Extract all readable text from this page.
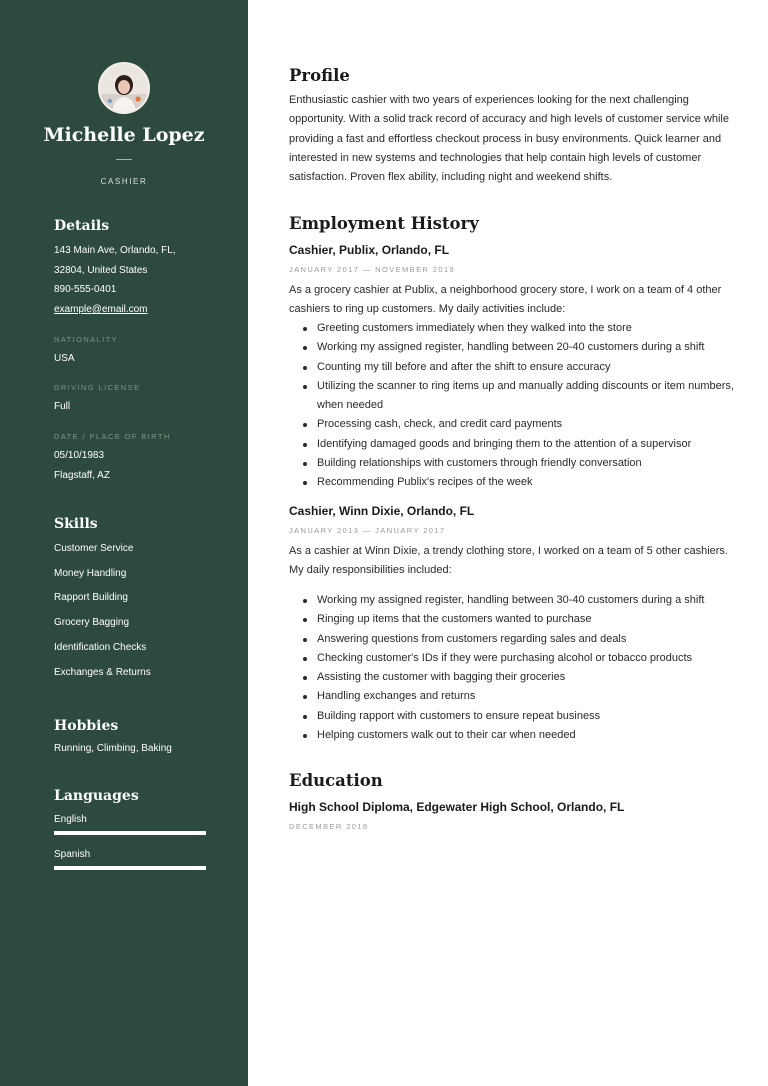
Michelle Lopez
CASHIER
Details
143 Main Ave, Orlando, FL,
32804, United States
890-555-0401
example@email.com
NATIONALITY
USA
DRIVING LICENSE
Full
DATE / PLACE OF BIRTH
05/10/1983
Flagstaff, AZ
Skills
Customer Service
Money Handling
Rapport Building
Grocery Bagging
Identification Checks
Exchanges & Returns
Hobbies
Running, Climbing, Baking
Languages
English
Spanish
Profile
Enthusiastic cashier with two years of experiences looking for the next challenging opportunity. With a solid track record of accuracy and high levels of customer service while providing a fast and effortless checkout process in busy environments. Quick learner and interested in new systems and technologies that help contain high levels of customer satisfaction. Proven flex ability, including night and weekend shifts.
Employment History
Cashier, Publix, Orlando, FL
JANUARY 2017 — NOVEMBER 2019
As a grocery cashier at Publix, a neighborhood grocery store, I work on a team of 4 other cashiers to ring up customers. My daily activities include:
Greeting customers immediately when they walked into the store
Working my assigned register, handling between 20-40 customers during a shift
Counting my till before and after the shift to ensure accuracy
Utilizing the scanner to ring items up and manually adding discounts or item numbers, when needed
Processing cash, check, and credit card payments
Identifying damaged goods and bringing them to the attention of a supervisor
Building relationships with customers through friendly conversation
Recommending Publix's recipes of the week
Cashier, Winn Dixie, Orlando, FL
JANUARY 2013 — JANUARY 2017
As a cashier at Winn Dixie, a trendy clothing store, I worked on a team of 5 other cashiers. My daily responsibilities included:
Working my assigned register, handling between 30-40 customers during a shift
Ringing up items that the customers wanted to purchase
Answering questions from customers regarding sales and deals
Checking customer's IDs if they were purchasing alcohol or tobacco products
Assisting the customer with bagging their groceries
Handling exchanges and returns
Building rapport with customers to ensure repeat business
Helping customers walk out to their car when needed
Education
High School Diploma, Edgewater High School, Orlando, FL
DECEMBER 2018
